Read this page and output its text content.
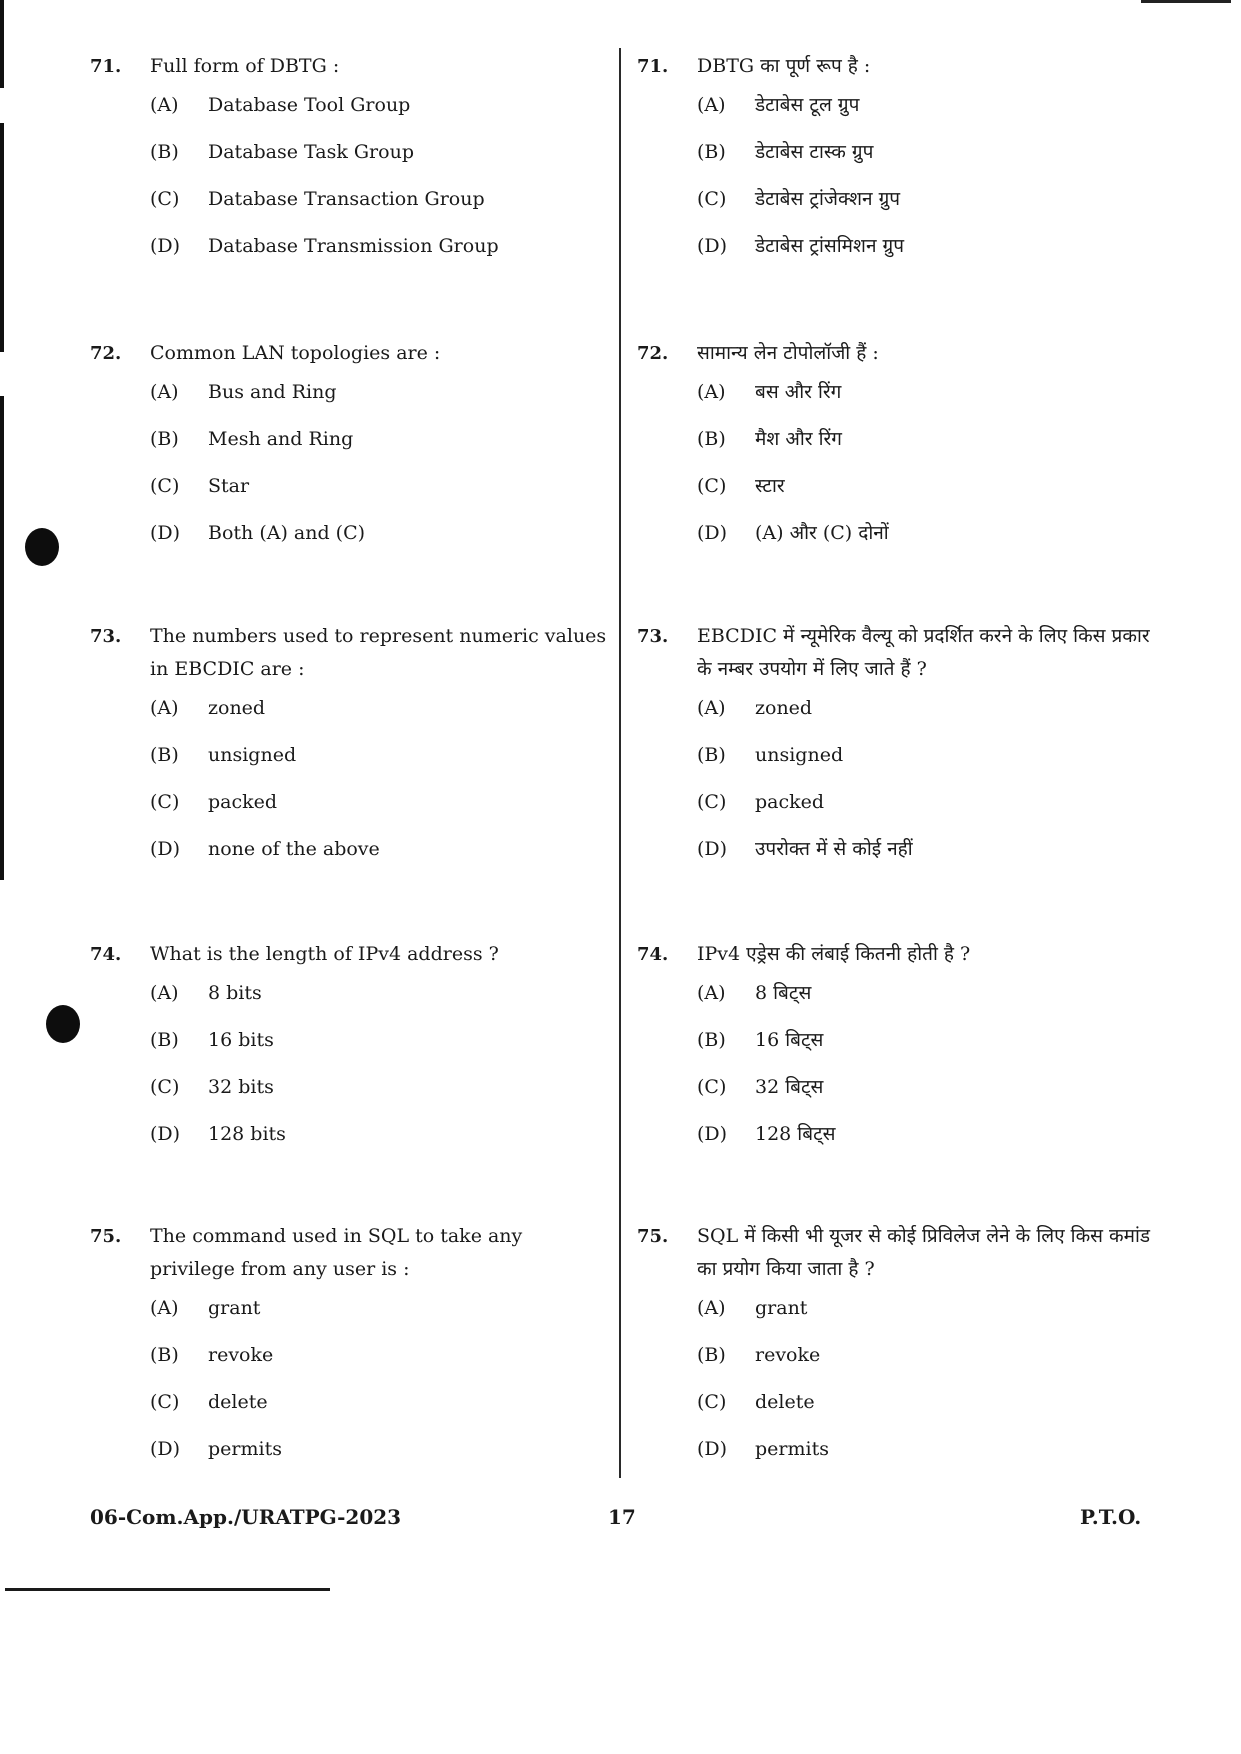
71. Full form of DBTG :
(A) Database Tool Group
(B) Database Task Group
(C) Database Transaction Group
(D) Database Transmission Group
72. Common LAN topologies are :
(A) Bus and Ring
(B) Mesh and Ring
(C) Star
(D) Both (A) and (C)
73. The numbers used to represent numeric values in EBCDIC are :
(A) zoned
(B) unsigned
(C) packed
(D) none of the above
74. What is the length of IPv4 address ?
(A) 8 bits
(B) 16 bits
(C) 32 bits
(D) 128 bits
75. The command used in SQL to take any privilege from any user is :
(A) grant
(B) revoke
(C) delete
(D) permits
71. DBTG का पूर्ण रूप है :
(A) डेटाबेस टूल ग्रुप
(B) डेटाबेस टास्क ग्रुप
(C) डेटाबेस ट्रांजेक्शन ग्रुप
(D) डेटाबेस ट्रांसमिशन ग्रुप
72. सामान्य लेन टोपोलॉजी हैं :
(A) बस और रिंग
(B) मैश और रिंग
(C) स्टार
(D) (A) और (C) दोनों
73. EBCDIC में न्यूमेरिक वैल्यू को प्रदर्शित करने के लिए किस प्रकार के नम्बर उपयोग में लिए जाते हैं ?
(A) zoned
(B) unsigned
(C) packed
(D) उपरोक्त में से कोई नहीं
74. IPv4 एड्रेस की लंबाई कितनी होती है ?
(A) 8 बिट्स
(B) 16 बिट्स
(C) 32 बिट्स
(D) 128 बिट्स
75. SQL में किसी भी यूजर से कोई प्रिविलेज लेने के लिए किस कमांड का प्रयोग किया जाता है ?
(A) grant
(B) revoke
(C) delete
(D) permits
06-Com.App./URATPG-2023	17	P.T.O.
